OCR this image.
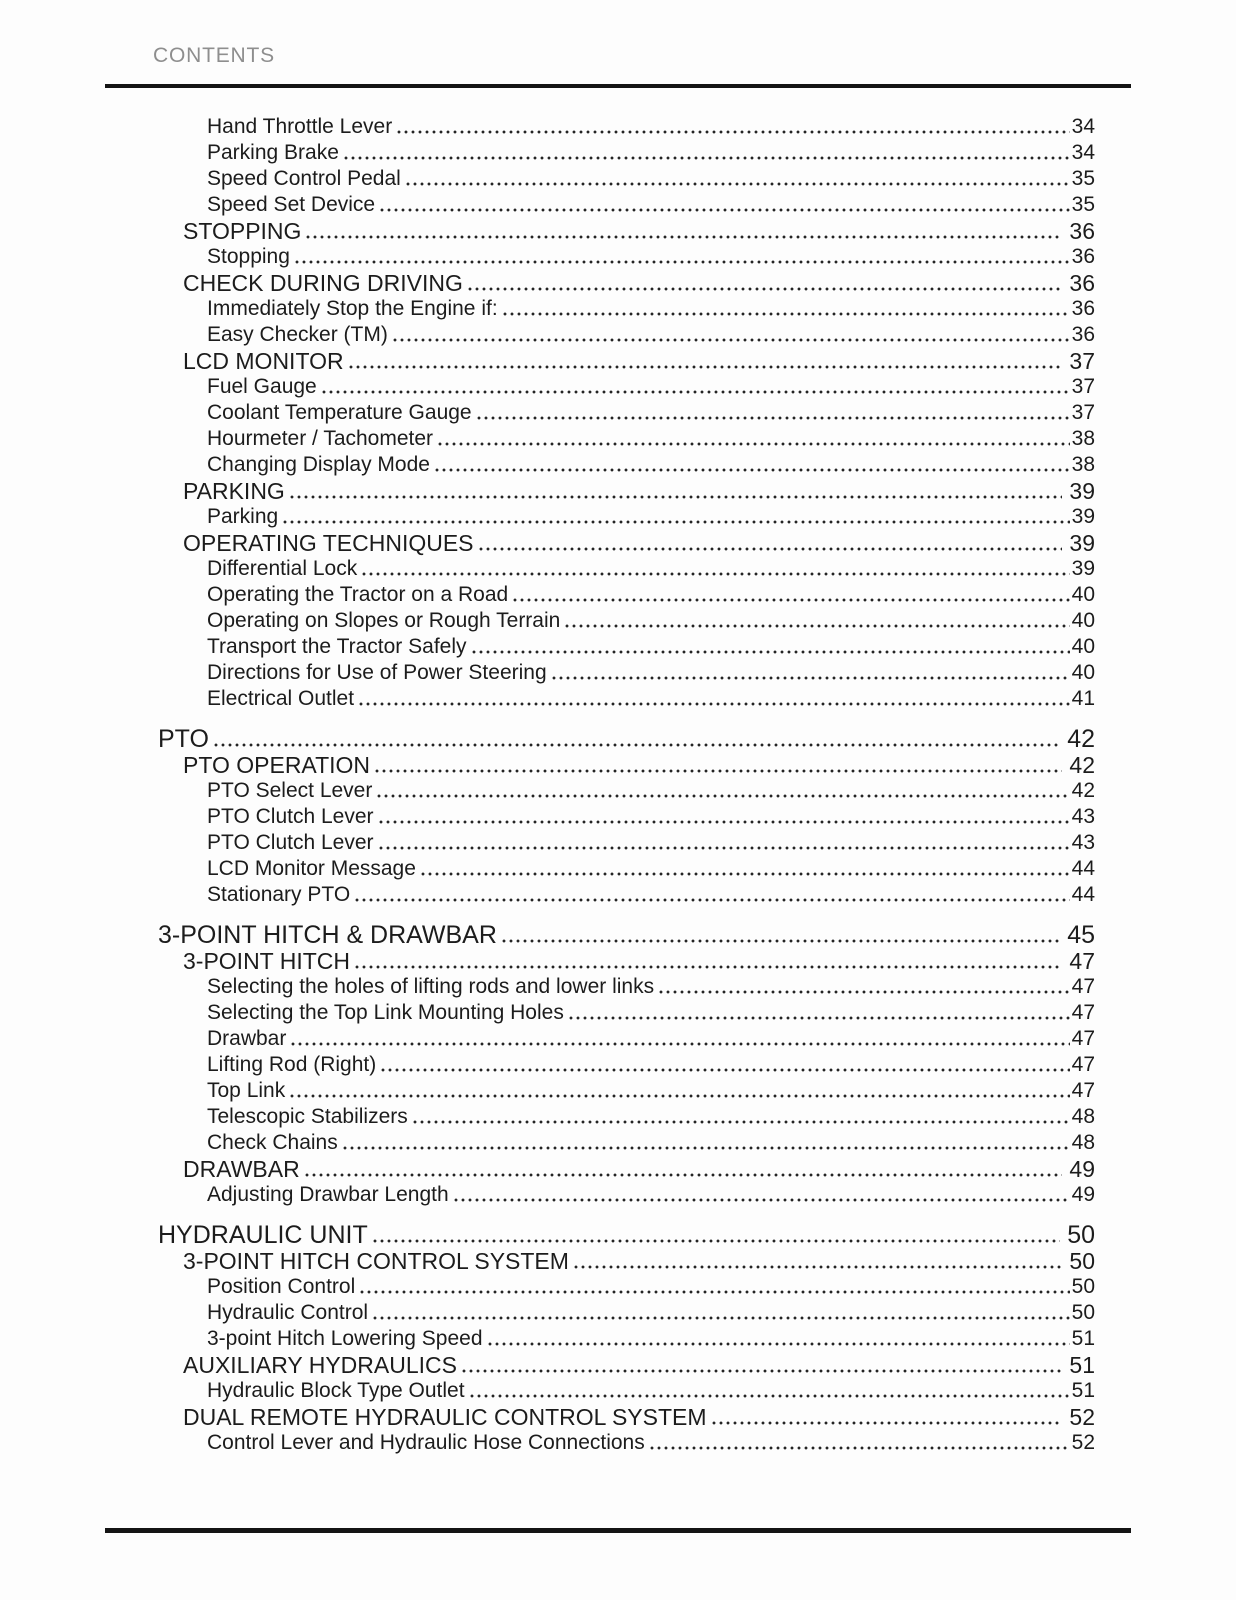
CONTENTS
Hand Throttle Lever	34
Parking Brake	34
Speed Control Pedal	35
Speed Set Device	35
STOPPING	36
Stopping	36
CHECK DURING DRIVING	36
Immediately Stop the Engine if:	36
Easy Checker (TM)	36
LCD MONITOR	37
Fuel Gauge	37
Coolant Temperature Gauge	37
Hourmeter / Tachometer	38
Changing Display Mode	38
PARKING	39
Parking	39
OPERATING TECHNIQUES	39
Differential Lock	39
Operating the Tractor on a Road	40
Operating on Slopes or Rough Terrain	40
Transport the Tractor Safely	40
Directions for Use of Power Steering	40
Electrical Outlet	41
PTO	42
PTO OPERATION	42
PTO Select Lever	42
PTO Clutch Lever	43
PTO Clutch Lever	43
LCD Monitor Message	44
Stationary PTO	44
3-POINT HITCH & DRAWBAR	45
3-POINT HITCH	47
Selecting the holes of lifting rods and lower links	47
Selecting the Top Link Mounting Holes	47
Drawbar	47
Lifting Rod (Right)	47
Top Link	47
Telescopic Stabilizers	48
Check Chains	48
DRAWBAR	49
Adjusting Drawbar Length	49
HYDRAULIC UNIT	50
3-POINT HITCH CONTROL SYSTEM	50
Position Control	50
Hydraulic Control	50
3-point Hitch Lowering Speed	51
AUXILIARY HYDRAULICS	51
Hydraulic Block Type Outlet	51
DUAL REMOTE HYDRAULIC CONTROL SYSTEM	52
Control Lever and Hydraulic Hose Connections	52
